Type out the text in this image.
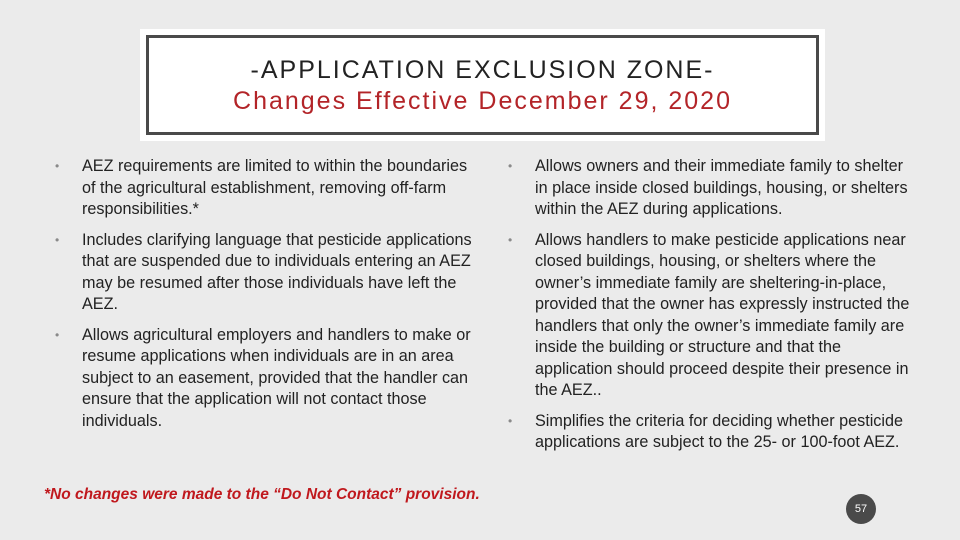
-APPLICATION EXCLUSION ZONE-
Changes Effective December 29, 2020
•	AEZ requirements are limited to within the boundaries of the agricultural establishment, removing off-farm responsibilities.*
•	Includes clarifying language that pesticide applications that are suspended due to individuals entering an AEZ may be resumed after those individuals have left the AEZ.
•	Allows agricultural employers and handlers to make or resume applications when individuals are in an area subject to an easement, provided that the handler can ensure that the application will not contact those individuals.
•	Allows owners and their immediate family to shelter in place inside closed buildings, housing, or shelters within the AEZ during applications.
•	Allows handlers to make pesticide applications near closed buildings, housing, or shelters where the owner’s immediate family are sheltering-in-place, provided that the owner has expressly instructed the handlers that only the owner’s immediate family are inside the building or structure and that the application should proceed despite their presence in the AEZ..
•	Simplifies the criteria for deciding whether pesticide applications are subject to the 25- or 100-foot AEZ.
*No changes were made to the “Do Not Contact” provision.
57
